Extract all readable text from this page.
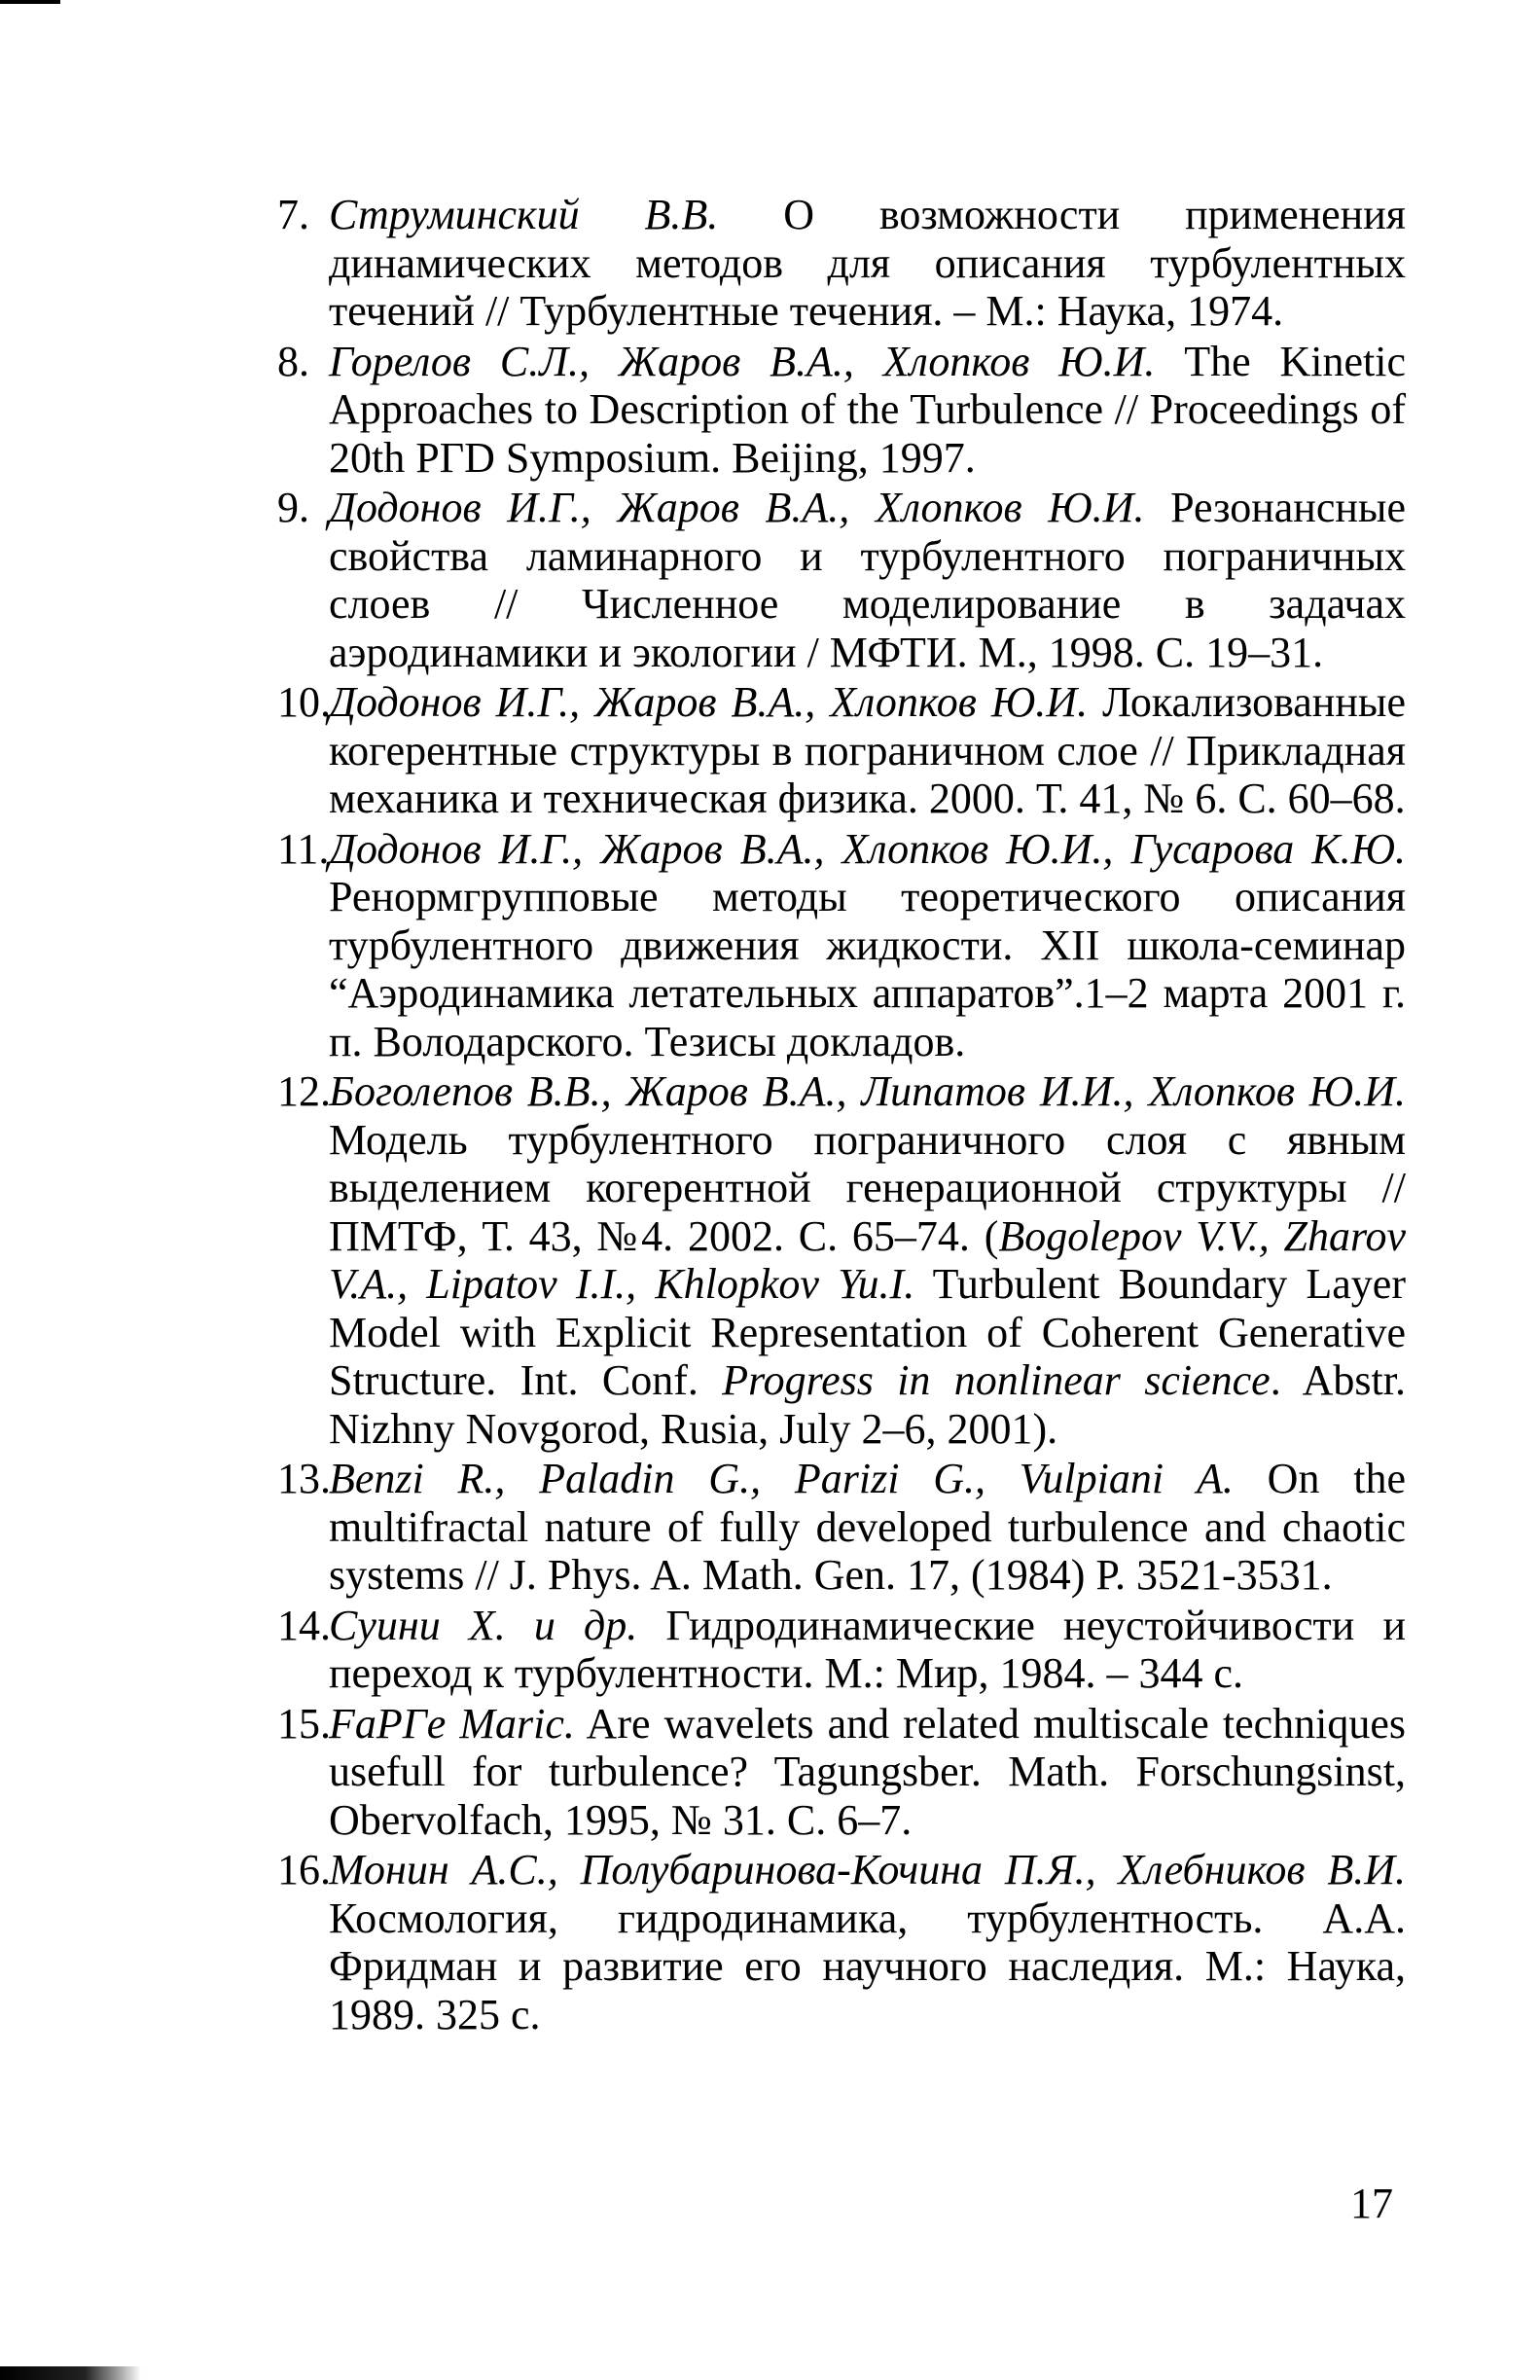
7. Струминский В.В. О возможности применения динамических методов для описания турбулентных течений // Турбулентные течения. – М.: Наука, 1974.
8. Горелов С.Л., Жаров В.А., Хлопков Ю.И. The Kinetic Approaches to Description of the Turbulence // Proceedings of 20th PГD Symposium. Beijing, 1997.
9. Додонов И.Г., Жаров В.А., Хлопков Ю.И. Резонансные свойства ламинарного и турбулентного пограничных слоев // Численное моделирование в задачах аэродинамики и экологии / МФТИ. М., 1998. С. 19–31.
10.
Додонов И.Г., Жаров В.А., Хлопков Ю.И. Локализованные когерентные структуры в пограничном слое // Прикладная механика и техническая физика. 2000. Т. 41, № 6. С. 60–68.
11. Додонов И.Г., Жаров В.А., Хлопков Ю.И., Гусарова К.Ю. Ренормгрупповые методы теоретического описания турбулентного движения жидкости. XII школа-семинар “Аэродинамика летательных аппаратов”.1–2 марта 2001 г. п. Володарского. Тезисы докладов.
12.
Боголепов В.В., Жаров В.А., Липатов И.И., Хлопков Ю.И. Модель турбулентного пограничного слоя с явным выделением когерентной генерационной структуры // ПМТФ, Т. 43, №4. 2002. С. 65–74. (Bogolepov V.V., Zharov V.A., Lipatov I.I., Khlopkov Yu.I. Turbulent Boundary Layer Model with Explicit Representation of Coherent Generative Structure. Int. Conf. Progress in nonlinear science. Abstr. Nizhny Novgorod, Rusia, July 2–6, 2001).
13.
Benzi R., Paladin G., Parizi G., Vulpiani A. On the multifractal nature of fully developed turbulence and chaotic systems // J. Phys. A. Math. Gen. 17, (1984) P. 3521-3531.
14.
Суини Х. и др. Гидродинамические неустойчивости и переход к турбулентности. М.: Мир, 1984. – 344 с.
15.
FaPГe Maric. Are wavelets and related multiscale techniques usefull for turbulence? Tagungsber. Math. Forschungsinst, Obervolfach, 1995, № 31. C. 6–7.
16.
Монин А.С., Полубаринова-Кочина П.Я., Хлебников В.И. Космология, гидродинамика, турбулентность. А.А. Фридман и развитие его научного наследия. М.: Наука, 1989. 325 с.
17
